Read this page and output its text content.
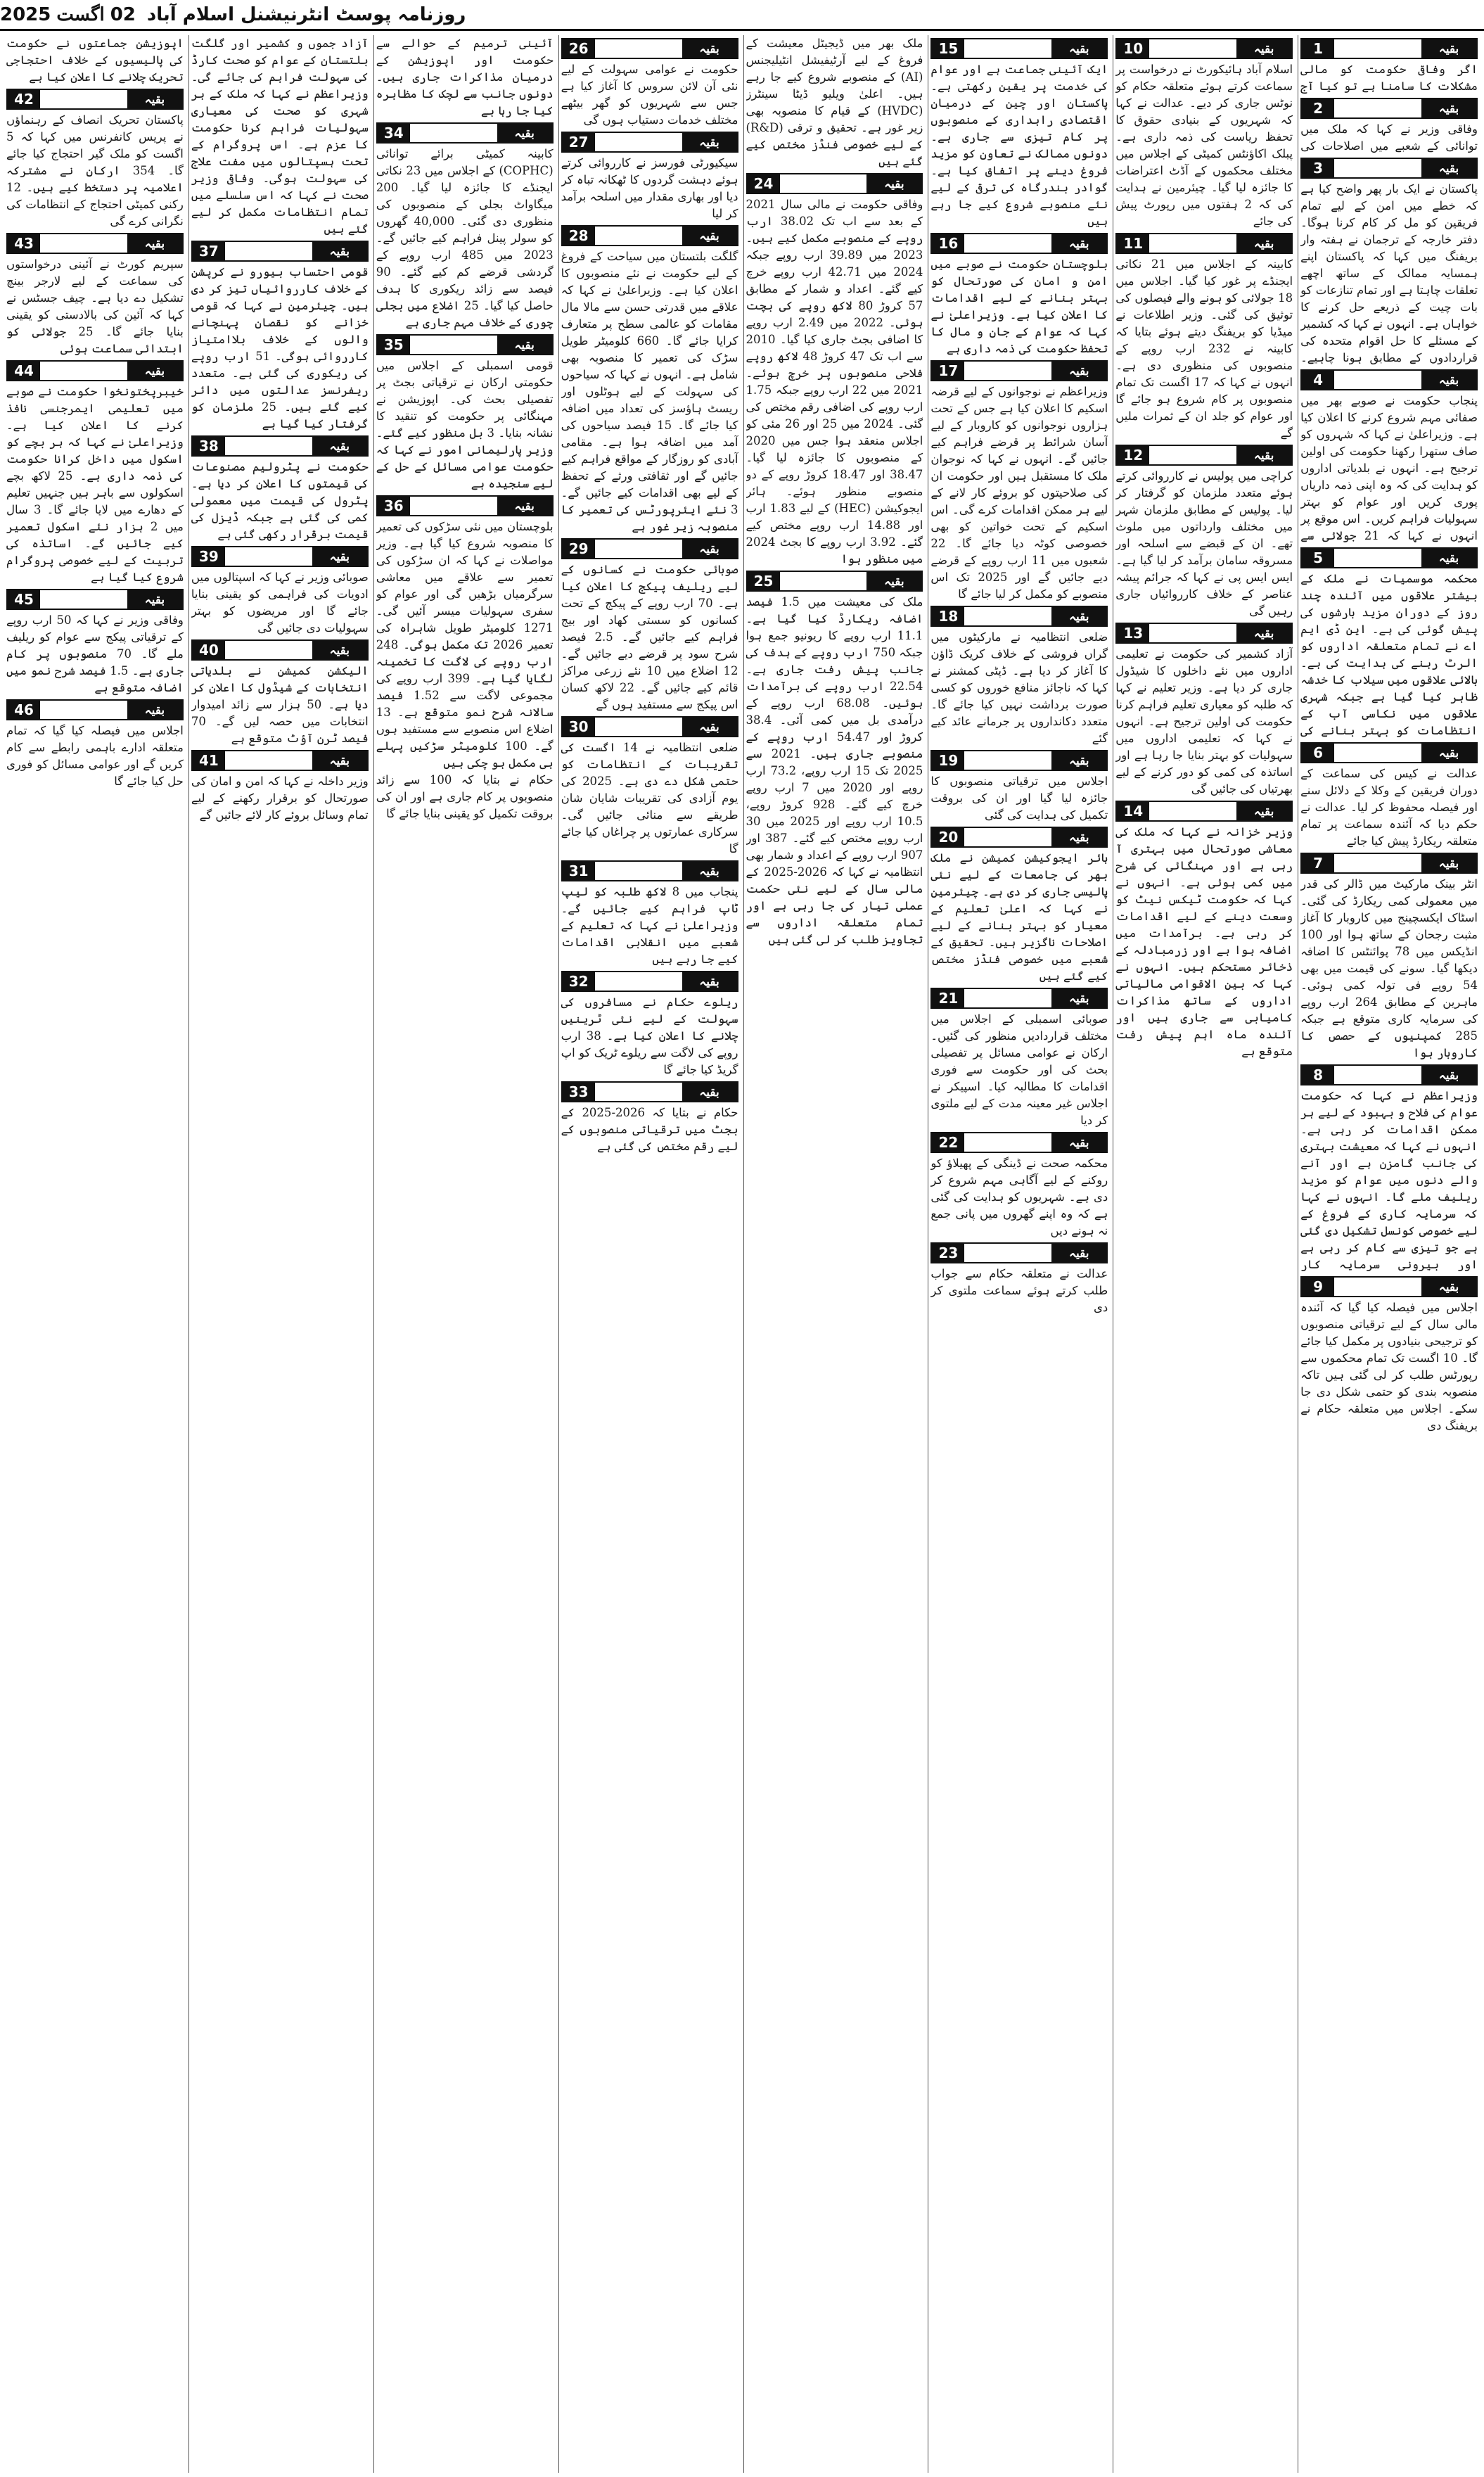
روزنامہ پوسٹ انٹرنیشنل اسلام آباد
02
اگست
2025
1	بقیہ
اگر وفاقی حکومت کو مالی مشکلات کا سامنا ہے تو کیا آج
2	بقیہ
وفاقی وزیر نے کہا کہ ملک میں توانائی کے شعبے میں اصلاحات کی
3	بقیہ
پاکستان نے ایک بار پھر واضح کیا ہے کہ خطے میں امن کے لیے تمام فریقین کو مل کر کام کرنا ہوگا۔ دفتر خارجہ کے ترجمان نے ہفتہ وار بریفنگ میں کہا کہ پاکستان اپنے ہمسایہ ممالک کے ساتھ اچھے تعلقات چاہتا ہے اور تمام تنازعات کو بات چیت کے ذریعے حل کرنے کا خواہاں ہے۔ انہوں نے کہا کہ کشمیر کے مسئلے کا حل اقوام متحدہ کی قراردادوں کے مطابق ہونا چاہیے۔
4	بقیہ
پنجاب حکومت نے صوبے بھر میں صفائی مہم شروع کرنے کا اعلان کیا ہے۔ وزیراعلیٰ نے کہا کہ شہروں کو صاف ستھرا رکھنا حکومت کی اولین ترجیح ہے۔ انہوں نے بلدیاتی اداروں کو ہدایت کی کہ وہ اپنی ذمہ داریاں پوری کریں اور عوام کو بہتر سہولیات فراہم کریں۔ اس موقع پر انہوں نے کہا کہ 21 جولائی سے
5	بقیہ
محکمہ موسمیات نے ملک کے بیشتر علاقوں میں آئندہ چند روز کے دوران مزید بارشوں کی پیش گوئی کی ہے۔ این ڈی ایم اے نے تمام متعلقہ اداروں کو الرٹ رہنے کی ہدایت کی ہے۔ بالائی علاقوں میں سیلاب کا خدشہ ظاہر کیا گیا ہے جبکہ شہری علاقوں میں نکاسی آب کے انتظامات کو بہتر بنانے کی
6	بقیہ
عدالت نے کیس کی سماعت کے دوران فریقین کے وکلا کے دلائل سنے اور فیصلہ محفوظ کر لیا۔ عدالت نے حکم دیا کہ آئندہ سماعت پر تمام متعلقہ ریکارڈ پیش کیا جائے
7	بقیہ
انٹر بینک مارکیٹ میں ڈالر کی قدر میں معمولی کمی ریکارڈ کی گئی۔ اسٹاک ایکسچینج میں کاروبار کا آغاز مثبت رجحان کے ساتھ ہوا اور 100 انڈیکس میں 78 پوائنٹس کا اضافہ دیکھا گیا۔ سونے کی قیمت میں بھی 54 روپے فی تولہ کمی ہوئی۔ ماہرین کے مطابق 264 ارب روپے کی سرمایہ کاری متوقع ہے جبکہ 285 کمپنیوں کے حصص کا کاروبار ہوا
8	بقیہ
وزیراعظم نے کہا کہ حکومت عوام کی فلاح و بہبود کے لیے ہر ممکن اقدامات کر رہی ہے۔ انہوں نے کہا کہ معیشت بہتری کی جانب گامزن ہے اور آنے والے دنوں میں عوام کو مزید ریلیف ملے گا۔ انہوں نے کہا کہ سرمایہ کاری کے فروغ کے لیے خصوصی کونسل تشکیل دی گئی ہے جو تیزی سے کام کر رہی ہے اور بیرونی سرمایہ کار
9	بقیہ
اجلاس میں فیصلہ کیا گیا کہ آئندہ مالی سال کے لیے ترقیاتی منصوبوں کو ترجیحی بنیادوں پر مکمل کیا جائے گا۔ 10 اگست تک تمام محکموں سے رپورٹس طلب کر لی گئی ہیں تاکہ منصوبہ بندی کو حتمی شکل دی جا سکے۔ اجلاس میں متعلقہ حکام نے بریفنگ دی
10	بقیہ
اسلام آباد ہائیکورٹ نے درخواست پر سماعت کرتے ہوئے متعلقہ حکام کو نوٹس جاری کر دیے۔ عدالت نے کہا کہ شہریوں کے بنیادی حقوق کا تحفظ ریاست کی ذمہ داری ہے۔ پبلک اکاؤنٹس کمیٹی کے اجلاس میں مختلف محکموں کے آڈٹ اعتراضات کا جائزہ لیا گیا۔ چیئرمین نے ہدایت کی کہ 2 ہفتوں میں رپورٹ پیش کی جائے
11	بقیہ
کابینہ کے اجلاس میں 21 نکاتی ایجنڈے پر غور کیا گیا۔ اجلاس میں 18 جولائی کو ہونے والے فیصلوں کی توثیق کی گئی۔ وزیر اطلاعات نے میڈیا کو بریفنگ دیتے ہوئے بتایا کہ کابینہ نے 232 ارب روپے کے منصوبوں کی منظوری دی ہے۔ انہوں نے کہا کہ 17 اگست تک تمام منصوبوں پر کام شروع ہو جائے گا اور عوام کو جلد ان کے ثمرات ملیں گے
12	بقیہ
کراچی میں پولیس نے کارروائی کرتے ہوئے متعدد ملزمان کو گرفتار کر لیا۔ پولیس کے مطابق ملزمان شہر میں مختلف وارداتوں میں ملوث تھے۔ ان کے قبضے سے اسلحہ اور مسروقہ سامان برآمد کر لیا گیا ہے۔ ایس ایس پی نے کہا کہ جرائم پیشہ عناصر کے خلاف کارروائیاں جاری رہیں گی
13	بقیہ
آزاد کشمیر کی حکومت نے تعلیمی اداروں میں نئے داخلوں کا شیڈول جاری کر دیا ہے۔ وزیر تعلیم نے کہا کہ طلبہ کو معیاری تعلیم فراہم کرنا حکومت کی اولین ترجیح ہے۔ انہوں نے کہا کہ تعلیمی اداروں میں سہولیات کو بہتر بنایا جا رہا ہے اور اساتذہ کی کمی کو دور کرنے کے لیے بھرتیاں کی جائیں گی
14	بقیہ
وزیر خزانہ نے کہا کہ ملک کی معاشی صورتحال میں بہتری آ رہی ہے اور مہنگائی کی شرح میں کمی ہوئی ہے۔ انہوں نے کہا کہ حکومت ٹیکس نیٹ کو وسعت دینے کے لیے اقدامات کر رہی ہے۔ برآمدات میں اضافہ ہوا ہے اور زرمبادلہ کے ذخائر مستحکم ہیں۔ انہوں نے کہا کہ بین الاقوامی مالیاتی اداروں کے ساتھ مذاکرات کامیابی سے جاری ہیں اور آئندہ ماہ اہم پیش رفت متوقع ہے
15	بقیہ
ایک آئینی جماعت ہے اور عوام کی خدمت پر یقین رکھتی ہے۔ پاکستان اور چین کے درمیان اقتصادی راہداری کے منصوبوں پر کام تیزی سے جاری ہے۔ دونوں ممالک نے تعاون کو مزید فروغ دینے پر اتفاق کیا ہے۔ گوادر بندرگاہ کی ترقی کے لیے نئے منصوبے شروع کیے جا رہے ہیں
16	بقیہ
بلوچستان حکومت نے صوبے میں امن و امان کی صورتحال کو بہتر بنانے کے لیے اقدامات کا اعلان کیا ہے۔ وزیراعلیٰ نے کہا کہ عوام کے جان و مال کا تحفظ حکومت کی ذمہ داری ہے
17	بقیہ
وزیراعظم نے نوجوانوں کے لیے قرضہ اسکیم کا اعلان کیا ہے جس کے تحت ہزاروں نوجوانوں کو کاروبار کے لیے آسان شرائط پر قرضے فراہم کیے جائیں گے۔ انہوں نے کہا کہ نوجوان ملک کا مستقبل ہیں اور حکومت ان کی صلاحیتوں کو بروئے کار لانے کے لیے ہر ممکن اقدامات کرے گی۔ اس اسکیم کے تحت خواتین کو بھی خصوصی کوٹہ دیا جائے گا۔ 22 شعبوں میں 11 ارب روپے کے قرضے دیے جائیں گے اور 2025 تک اس منصوبے کو مکمل کر لیا جائے گا
18	بقیہ
ضلعی انتظامیہ نے مارکیٹوں میں گراں فروشی کے خلاف کریک ڈاؤن کا آغاز کر دیا ہے۔ ڈپٹی کمشنر نے کہا کہ ناجائز منافع خوروں کو کسی صورت برداشت نہیں کیا جائے گا۔ متعدد دکانداروں پر جرمانے عائد کیے گئے
19	بقیہ
اجلاس میں ترقیاتی منصوبوں کا جائزہ لیا گیا اور ان کی بروقت تکمیل کی ہدایت کی گئی
20	بقیہ
ہائر ایجوکیشن کمیشن نے ملک بھر کی جامعات کے لیے نئی پالیسی جاری کر دی ہے۔ چیئرمین نے کہا کہ اعلیٰ تعلیم کے معیار کو بہتر بنانے کے لیے اصلاحات ناگزیر ہیں۔ تحقیق کے شعبے میں خصوصی فنڈز مختص کیے گئے ہیں
21	بقیہ
صوبائی اسمبلی کے اجلاس میں مختلف قراردادیں منظور کی گئیں۔ ارکان نے عوامی مسائل پر تفصیلی بحث کی اور حکومت سے فوری اقدامات کا مطالبہ کیا۔ اسپیکر نے اجلاس غیر معینہ مدت کے لیے ملتوی کر دیا
22	بقیہ
محکمہ صحت نے ڈینگی کے پھیلاؤ کو روکنے کے لیے آگاہی مہم شروع کر دی ہے۔ شہریوں کو ہدایت کی گئی ہے کہ وہ اپنے گھروں میں پانی جمع نہ ہونے دیں
23	بقیہ
عدالت نے متعلقہ حکام سے جواب طلب کرتے ہوئے سماعت ملتوی کر دی
ملک بھر میں ڈیجیٹل معیشت کے فروغ کے لیے آرٹیفیشل انٹیلیجنس (AI) کے منصوبے شروع کیے جا رہے ہیں۔ اعلیٰ ویلیو ڈیٹا سینٹرز (HVDC) کے قیام کا منصوبہ بھی زیر غور ہے۔ تحقیق و ترقی (R&D) کے لیے خصوصی فنڈز مختص کیے گئے ہیں
24	بقیہ
وفاقی حکومت نے مالی سال 2021 کے بعد سے اب تک 38.02 ارب روپے کے منصوبے مکمل کیے ہیں۔ 2023 میں 39.89 ارب روپے جبکہ 2024 میں 42.71 ارب روپے خرچ کیے گئے۔ اعداد و شمار کے مطابق 57 کروڑ 80 لاکھ روپے کی بچت ہوئی۔ 2022 میں 2.49 ارب روپے کا اضافی بجٹ جاری کیا گیا۔ 2010 سے اب تک 47 کروڑ 48 لاکھ روپے فلاحی منصوبوں پر خرچ ہوئے۔ 2021 میں 22 ارب روپے جبکہ 1.75 ارب روپے کی اضافی رقم مختص کی گئی۔ 2024 میں 25 اور 26 مئی کو اجلاس منعقد ہوا جس میں 2020 کے منصوبوں کا جائزہ لیا گیا۔ 38.47 اور 18.47 کروڑ روپے کے دو منصوبے منظور ہوئے۔ ہائر ایجوکیشن (HEC) کے لیے 1.83 ارب اور 14.88 ارب روپے مختص کیے گئے۔ 3.92 ارب روپے کا بجٹ 2024 میں منظور ہوا
25	بقیہ
ملک کی معیشت میں 1.5 فیصد اضافہ ریکارڈ کیا گیا ہے۔ 11.1 ارب روپے کا ریونیو جمع ہوا جبکہ 750 ارب روپے کے ہدف کی جانب پیش رفت جاری ہے۔ 22.54 ارب روپے کی برآمدات ہوئیں۔ 68.08 ارب روپے کے درآمدی بل میں کمی آئی۔ 38.4 کروڑ اور 54.47 ارب روپے کے منصوبے جاری ہیں۔ 2021 سے 2025 تک 15 ارب روپے، 73.2 ارب روپے اور 2020 میں 7 ارب روپے خرچ کیے گئے۔ 928 کروڑ روپے، 10.5 ارب روپے اور 2025 میں 30 ارب روپے مختص کیے گئے۔ 387 اور 907 ارب روپے کے اعداد و شمار بھی
انتظامیہ نے کہا کہ 2026-2025 کے مالی سال کے لیے نئی حکمت عملی تیار کی جا رہی ہے اور تمام متعلقہ اداروں سے تجاویز طلب کر لی گئی ہیں
26	بقیہ
حکومت نے عوامی سہولت کے لیے نئی آن لائن سروس کا آغاز کیا ہے جس سے شہریوں کو گھر بیٹھے مختلف خدمات دستیاب ہوں گی
27	بقیہ
سیکیورٹی فورسز نے کارروائی کرتے ہوئے دہشت گردوں کا ٹھکانہ تباہ کر دیا اور بھاری مقدار میں اسلحہ برآمد کر لیا
28	بقیہ
گلگت بلتستان میں سیاحت کے فروغ کے لیے حکومت نے نئے منصوبوں کا اعلان کیا ہے۔ وزیراعلیٰ نے کہا کہ علاقے میں قدرتی حسن سے مالا مال مقامات کو عالمی سطح پر متعارف کرایا جائے گا۔ 660 کلومیٹر طویل سڑک کی تعمیر کا منصوبہ بھی شامل ہے۔ انہوں نے کہا کہ سیاحوں کی سہولت کے لیے ہوٹلوں اور ریسٹ ہاؤسز کی تعداد میں اضافہ کیا جائے گا۔ 15 فیصد سیاحوں کی آمد میں اضافہ ہوا ہے۔ مقامی آبادی کو روزگار کے مواقع فراہم کیے جائیں گے اور ثقافتی ورثے کے تحفظ کے لیے بھی اقدامات کیے جائیں گے۔ 3 نئے ایئرپورٹس کی تعمیر کا منصوبہ زیر غور ہے
29	بقیہ
صوبائی حکومت نے کسانوں کے لیے ریلیف پیکج کا اعلان کیا ہے۔ 70 ارب روپے کے پیکج کے تحت کسانوں کو سستی کھاد اور بیج فراہم کیے جائیں گے۔ 2.5 فیصد شرح سود پر قرضے دیے جائیں گے۔ 12 اضلاع میں 10 نئے زرعی مراکز قائم کیے جائیں گے۔ 22 لاکھ کسان اس پیکج سے مستفید ہوں گے
30	بقیہ
ضلعی انتظامیہ نے 14 اگست کی تقریبات کے انتظامات کو حتمی شکل دے دی ہے۔ 2025 کی یوم آزادی کی تقریبات شایان شان طریقے سے منائی جائیں گی۔ سرکاری عمارتوں پر چراغاں کیا جائے گا
31	بقیہ
پنجاب میں 8 لاکھ طلبہ کو لیپ ٹاپ فراہم کیے جائیں گے۔ وزیراعلیٰ نے کہا کہ تعلیم کے شعبے میں انقلابی اقدامات کیے جا رہے ہیں
32	بقیہ
ریلوے حکام نے مسافروں کی سہولت کے لیے نئی ٹرینیں چلانے کا اعلان کیا ہے۔ 38 ارب روپے کی لاگت سے ریلوے ٹریک کو اپ گریڈ کیا جائے گا
33	بقیہ
حکام نے بتایا کہ 2026-2025 کے بجٹ میں ترقیاتی منصوبوں کے لیے رقم مختص کی گئی ہے
آئینی ترمیم کے حوالے سے حکومت اور اپوزیشن کے درمیان مذاکرات جاری ہیں۔ دونوں جانب سے لچک کا مظاہرہ کیا جا رہا ہے
34	بقیہ
کابینہ کمیٹی برائے توانائی (COPHC) کے اجلاس میں 23 نکاتی ایجنڈے کا جائزہ لیا گیا۔ 200 میگاواٹ بجلی کے منصوبوں کی منظوری دی گئی۔ 40,000 گھروں کو سولر پینل فراہم کیے جائیں گے۔ 2023 میں 485 ارب روپے کے گردشی قرضے کم کیے گئے۔ 90 فیصد سے زائد ریکوری کا ہدف حاصل کیا گیا۔ 25 اضلاع میں بجلی چوری کے خلاف مہم جاری ہے
35	بقیہ
قومی اسمبلی کے اجلاس میں حکومتی ارکان نے ترقیاتی بجٹ پر تفصیلی بحث کی۔ اپوزیشن نے مہنگائی پر حکومت کو تنقید کا نشانہ بنایا۔ 3 بل منظور کیے گئے۔ وزیر پارلیمانی امور نے کہا کہ حکومت عوامی مسائل کے حل کے لیے سنجیدہ ہے
36	بقیہ
بلوچستان میں نئی سڑکوں کی تعمیر کا منصوبہ شروع کیا گیا ہے۔ وزیر مواصلات نے کہا کہ ان سڑکوں کی تعمیر سے علاقے میں معاشی سرگرمیاں بڑھیں گی اور عوام کو سفری سہولیات میسر آئیں گی۔ 1271 کلومیٹر طویل شاہراہ کی تعمیر 2026 تک مکمل ہوگی۔ 248 ارب روپے کی لاگت کا تخمینہ لگایا گیا ہے۔ 399 ارب روپے کی مجموعی لاگت سے 1.52 فیصد سالانہ شرح نمو متوقع ہے۔ 13 اضلاع اس منصوبے سے مستفید ہوں گے۔ 100 کلومیٹر سڑکیں پہلے ہی مکمل ہو چکی ہیں
حکام نے بتایا کہ 100 سے زائد منصوبوں پر کام جاری ہے اور ان کی بروقت تکمیل کو یقینی بنایا جائے گا
آزاد جموں و کشمیر اور گلگت بلتستان کے عوام کو صحت کارڈ کی سہولت فراہم کی جائے گی۔ وزیراعظم نے کہا کہ ملک کے ہر شہری کو صحت کی معیاری سہولیات فراہم کرنا حکومت کا عزم ہے۔ اس پروگرام کے تحت ہسپتالوں میں مفت علاج کی سہولت ہوگی۔ وفاقی وزیر صحت نے کہا کہ اس سلسلے میں تمام انتظامات مکمل کر لیے گئے ہیں
37	بقیہ
قومی احتساب بیورو نے کرپشن کے خلاف کارروائیاں تیز کر دی ہیں۔ چیئرمین نے کہا کہ قومی خزانے کو نقصان پہنچانے والوں کے خلاف بلاامتیاز کارروائی ہوگی۔ 51 ارب روپے کی ریکوری کی گئی ہے۔ متعدد ریفرنسز عدالتوں میں دائر کیے گئے ہیں۔ 25 ملزمان کو گرفتار کیا گیا ہے
38	بقیہ
حکومت نے پٹرولیم مصنوعات کی قیمتوں کا اعلان کر دیا ہے۔ پٹرول کی قیمت میں معمولی کمی کی گئی ہے جبکہ ڈیزل کی قیمت برقرار رکھی گئی ہے
39	بقیہ
صوبائی وزیر نے کہا کہ اسپتالوں میں ادویات کی فراہمی کو یقینی بنایا جائے گا اور مریضوں کو بہتر سہولیات دی جائیں گی
40	بقیہ
الیکشن کمیشن نے بلدیاتی انتخابات کے شیڈول کا اعلان کر دیا ہے۔ 50 ہزار سے زائد امیدوار انتخابات میں حصہ لیں گے۔ 70 فیصد ٹرن آؤٹ متوقع ہے
41	بقیہ
وزیر داخلہ نے کہا کہ امن و امان کی صورتحال کو برقرار رکھنے کے لیے تمام وسائل بروئے کار لائے جائیں گے
اپوزیشن جماعتوں نے حکومت کی پالیسیوں کے خلاف احتجاجی تحریک چلانے کا اعلان کیا ہے
42	بقیہ
پاکستان تحریک انصاف کے رہنماؤں نے پریس کانفرنس میں کہا کہ 5 اگست کو ملک گیر احتجاج کیا جائے گا۔ 354 ارکان نے مشترکہ اعلامیہ پر دستخط کیے ہیں۔ 12 رکنی کمیٹی احتجاج کے انتظامات کی نگرانی کرے گی
43	بقیہ
سپریم کورٹ نے آئینی درخواستوں کی سماعت کے لیے لارجر بینچ تشکیل دے دیا ہے۔ چیف جسٹس نے کہا کہ آئین کی بالادستی کو یقینی بنایا جائے گا۔ 25 جولائی کو ابتدائی سماعت ہوئی
44	بقیہ
خیبرپختونخوا حکومت نے صوبے میں تعلیمی ایمرجنسی نافذ کرنے کا اعلان کیا ہے۔ وزیراعلیٰ نے کہا کہ ہر بچے کو اسکول میں داخل کرانا حکومت کی ذمہ داری ہے۔ 25 لاکھ بچے اسکولوں سے باہر ہیں جنہیں تعلیم کے دھارے میں لایا جائے گا۔ 3 سال میں 2 ہزار نئے اسکول تعمیر کیے جائیں گے۔ اساتذہ کی تربیت کے لیے خصوصی پروگرام شروع کیا گیا ہے
45	بقیہ
وفاقی وزیر نے کہا کہ 50 ارب روپے کے ترقیاتی پیکج سے عوام کو ریلیف ملے گا۔ 70 منصوبوں پر کام جاری ہے۔ 1.5 فیصد شرح نمو میں اضافہ متوقع ہے
46	بقیہ
اجلاس میں فیصلہ کیا گیا کہ تمام متعلقہ ادارے باہمی رابطے سے کام کریں گے اور عوامی مسائل کو فوری حل کیا جائے گا
